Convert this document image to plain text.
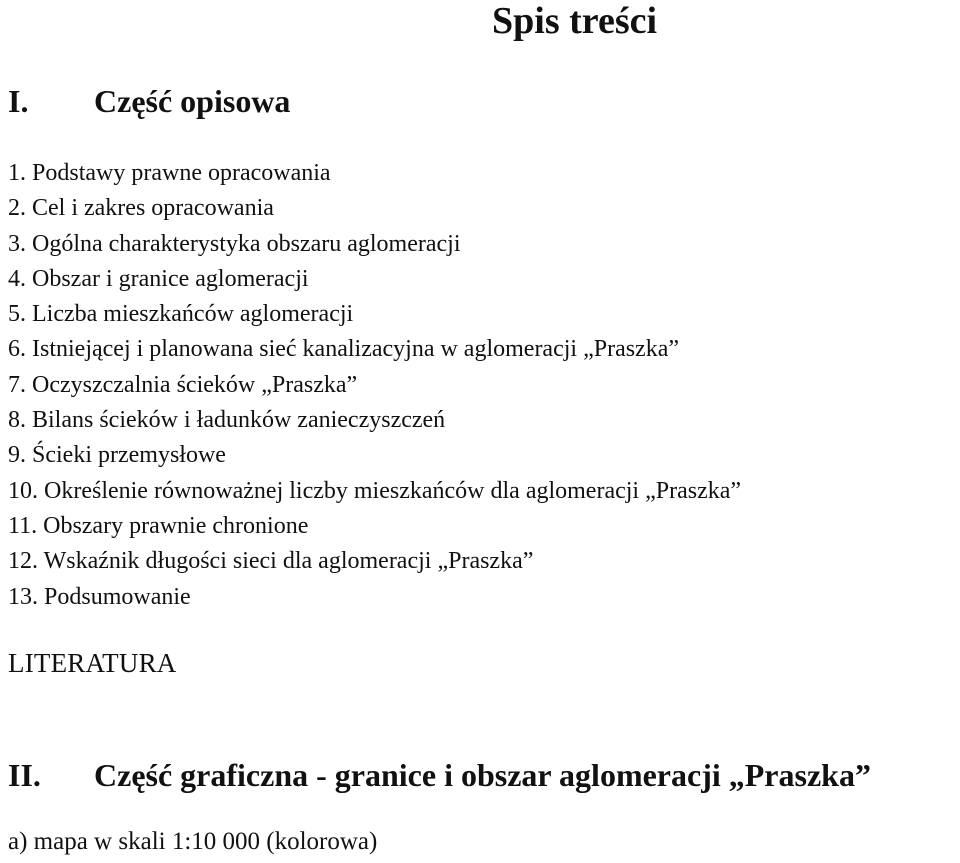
Spis treści
I. Część opisowa
1. Podstawy prawne opracowania
2. Cel i zakres opracowania
3. Ogólna charakterystyka obszaru aglomeracji
4. Obszar i granice aglomeracji
5. Liczba mieszkańców aglomeracji
6. Istniejącej i planowana sieć kanalizacyjna w aglomeracji „Praszka”
7. Oczyszczalnia ścieków „Praszka”
8. Bilans ścieków i ładunków zanieczyszczeń
9. Ścieki przemysłowe
10. Określenie równoważnej liczby mieszkańców dla aglomeracji „Praszka”
11. Obszary prawnie chronione
12. Wskaźnik długości sieci dla aglomeracji „Praszka”
13. Podsumowanie
LITERATURA
II. Część graficzna - granice i obszar aglomeracji „Praszka”
a) mapa w skali 1:10 000 (kolorowa)
